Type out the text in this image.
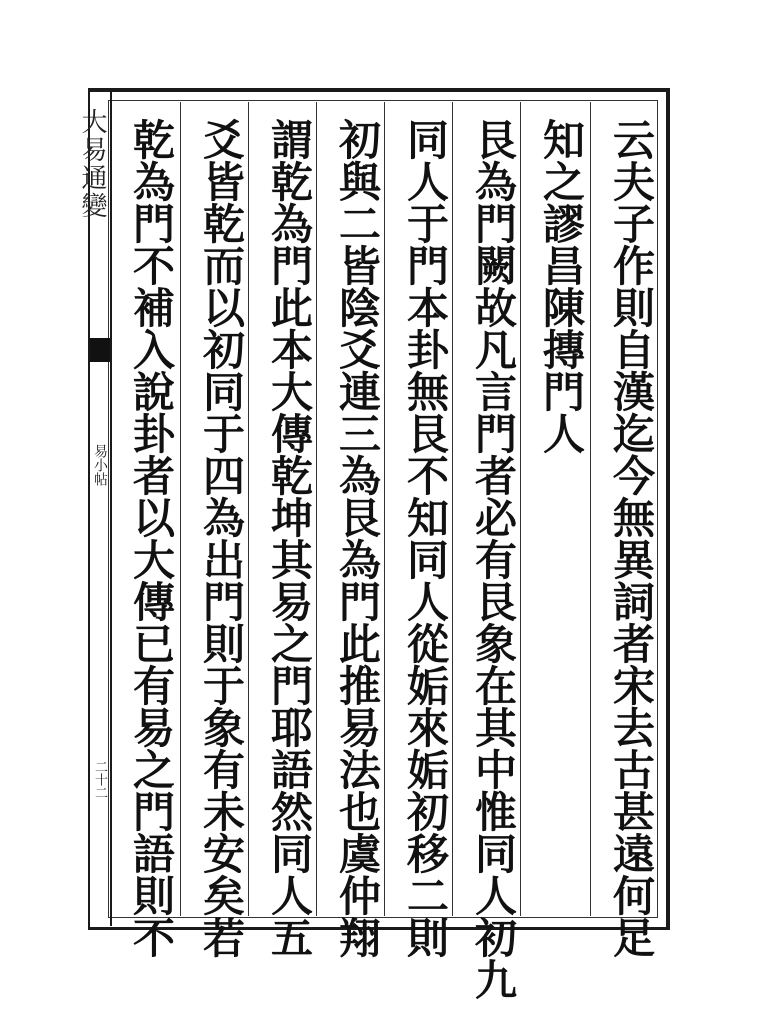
大易通變
易小帖
二十二	云夫子作則自漢迄今無異詞者宋去古甚遠何足
知之謬昌陳摶門人
艮為門闕故凡言門者必有艮象在其中惟同人初九
同人于門本卦無艮不知同人從姤來姤初移二則
初與二皆陰爻連三為艮為門此推易法也虞仲翔
謂乾為門此本大傳乾坤其易之門耶語然同人五
爻皆乾而以初同于四為出門則于象有未安矣若
乾為門不補入說卦者以大傳已有易之門語則不
